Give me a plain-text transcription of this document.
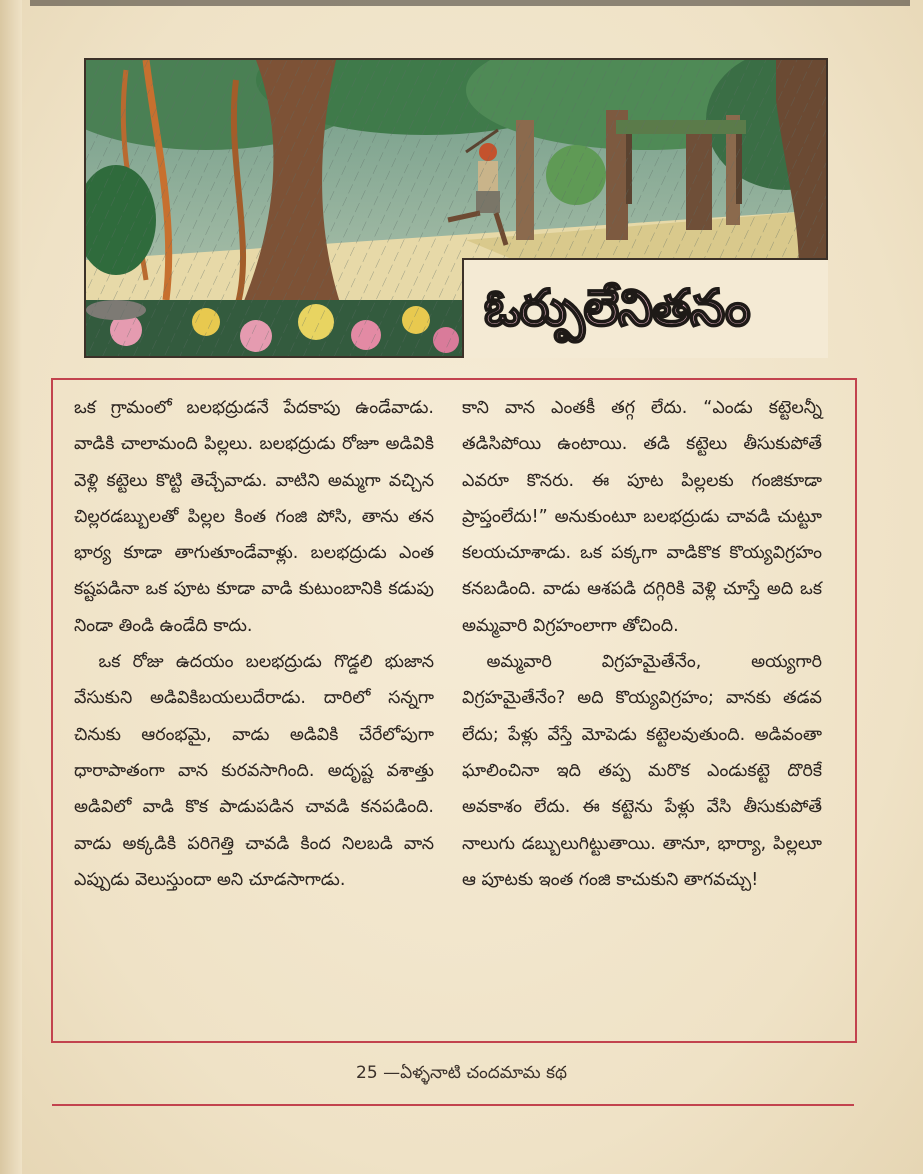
ఓర్పులేనితనం

ఒక గ్రామంలో బలభద్రుడనే పేదకాపు ఉండేవాడు. వాడికి చాలామంది పిల్లలు. బలభద్రుడు రోజూ అడివికి వెళ్లి కట్టెలు కొట్టి తెచ్చేవాడు. వాటిని అమ్మగా వచ్చిన చిల్లరడబ్బులతో పిల్లల కింత గంజి పోసి, తాను తన భార్య కూడా తాగుతూండేవాళ్లు. బలభద్రుడు ఎంత కష్టపడినా ఒక పూట కూడా వాడి కుటుంబానికి కడుపు నిండా తిండి ఉండేది కాదు.

ఒక రోజు ఉదయం బలభద్రుడు గొడ్డలి భుజాన వేసుకుని అడివికిబయలుదేరాడు. దారిలో సన్నగా చినుకు ఆరంభమై, వాడు అడివికి చేరేలోపుగా ధారాపాతంగా వాన కురవసాగింది. అదృష్ట వశాత్తు అడివిలో వాడి కొక పాడుపడిన చావడి కనపడింది. వాడు అక్కడికి పరిగెత్తి చావడి కింద నిలబడి వాన ఎప్పుడు వెలుస్తుందా అని చూడసాగాడు.

కాని వాన ఎంతకీ తగ్గ లేదు. “ఎండు కట్టెలన్నీ తడిసిపోయి ఉంటాయి. తడి కట్టెలు తీసుకుపోతే ఎవరూ కొనరు. ఈ పూట పిల్లలకు గంజికూడా ప్రాప్తంలేదు!” అనుకుంటూ బలభద్రుడు చావడి చుట్టూ కలయచూశాడు. ఒక పక్కగా వాడికొక కొయ్యవిగ్రహం కనబడింది. వాడు ఆశపడి దగ్గిరికి వెళ్లి చూస్తే అది ఒక అమ్మవారి విగ్రహంలాగా తోచింది.

అమ్మవారి విగ్రహమైతేనేం, అయ్యగారి విగ్రహమైతేనేం? అది కొయ్యవిగ్రహం; వానకు తడవ లేదు; పేళ్లు వేస్తే మోపెడు కట్టెలవుతుంది. అడివంతా ఘాలించినా ఇది తప్ప మరొక ఎండుకట్టె దొరికే అవకాశం లేదు. ఈ కట్టెను పేళ్లు వేసి తీసుకుపోతే నాలుగు డబ్బులుగిట్టుతాయి. తానూ, భార్యా, పిల్లలూ ఆ పూటకు ఇంత గంజి కాచుకుని తాగవచ్చు!

25 —ఏళ్ళనాటి చందమామ కథ
